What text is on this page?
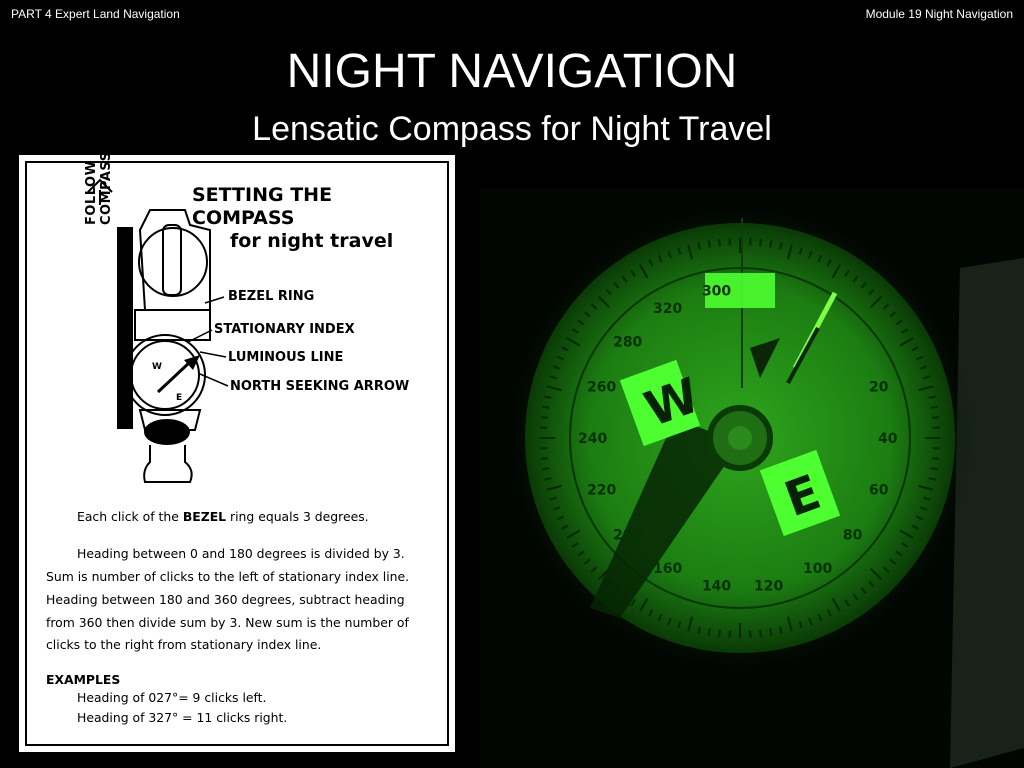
PART 4 Expert Land Navigation	Module 19 Night Navigation
NIGHT NAVIGATION
Lensatic Compass for Night Travel
FOLLOW FRONT OF COMPASS
W
E
SETTING THE COMPASS
for night travel
BEZEL RING
STATIONARY INDEX
LUMINOUS LINE
NORTH SEEKING ARROW
Each click of the BEZEL ring equals 3 degrees.
Heading between 0 and 180 degrees is divided by 3.
Sum is number of clicks to the left of stationary index line.
Heading between 180 and 360 degrees, subtract heading
from 360 then divide sum by 3. New sum is the number of
clicks to the right from stationary index line.
EXAMPLES
Heading of 027°= 9 clicks left.
Heading of 327° = 11 clicks right.
W
E
300
320
280
260
240
220
200
160
140 120
100
80
60
40
20
